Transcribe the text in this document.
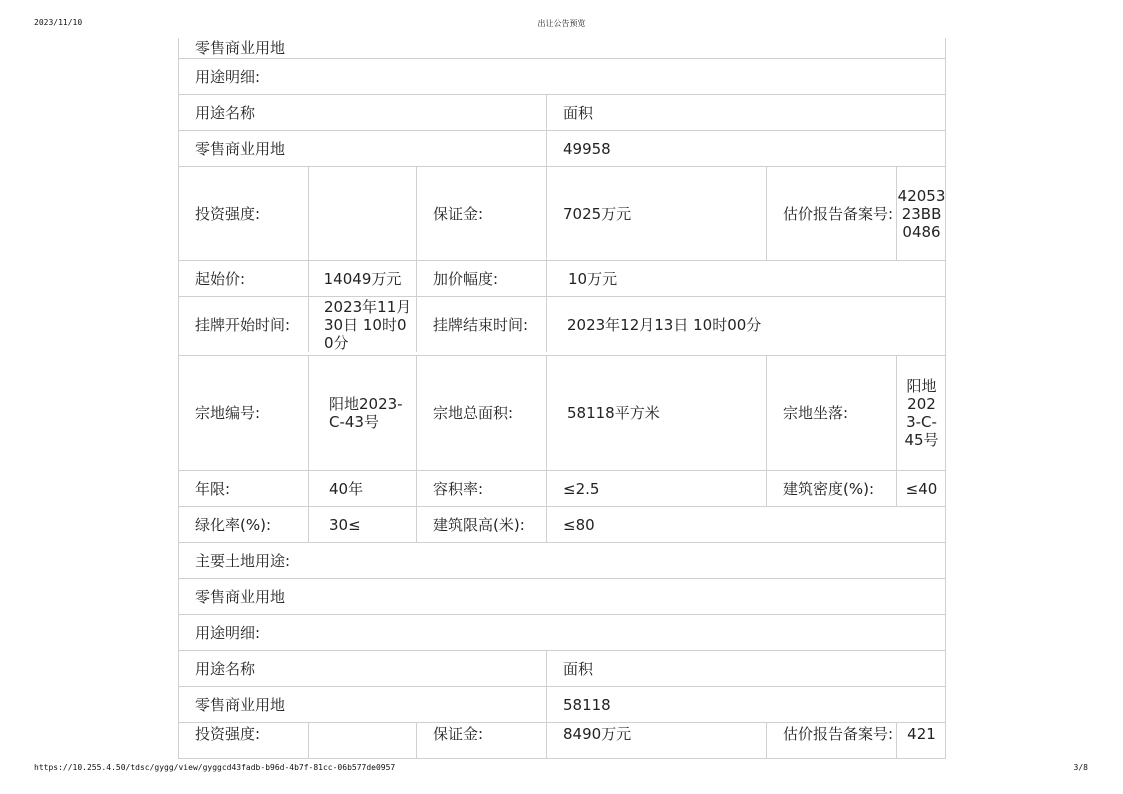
2023/11/10	出让公告预览
零售商业用地					
用途明细:					
用途名称			面积		
零售商业用地			49958		
投资强度:		保证金:	7025万元	估价报告备案号:	4205323BB0486
起始价:	14049万元	加价幅度:	10万元		
挂牌开始时间:	2023年11月30日 10时00分	挂牌结束时间:	2023年12月13日 10时00分		
宗地编号:	阳地2023-C-43号	宗地总面积:	58118平方米	宗地坐落:	阳地2023-C-45号
年限:	40年	容积率:	≤2.5	建筑密度(%):	≤40
绿化率(%):	30≤	建筑限高(米):	≤80		
主要土地用途:					
零售商业用地					
用途明细:					
用途名称			面积		
零售商业用地			58118		
投资强度:		保证金:	8490万元	估价报告备案号:	421
https://10.255.4.50/tdsc/gygg/view/gyggcd43fadb-b96d-4b7f-81cc-06b577de0957	3/8
